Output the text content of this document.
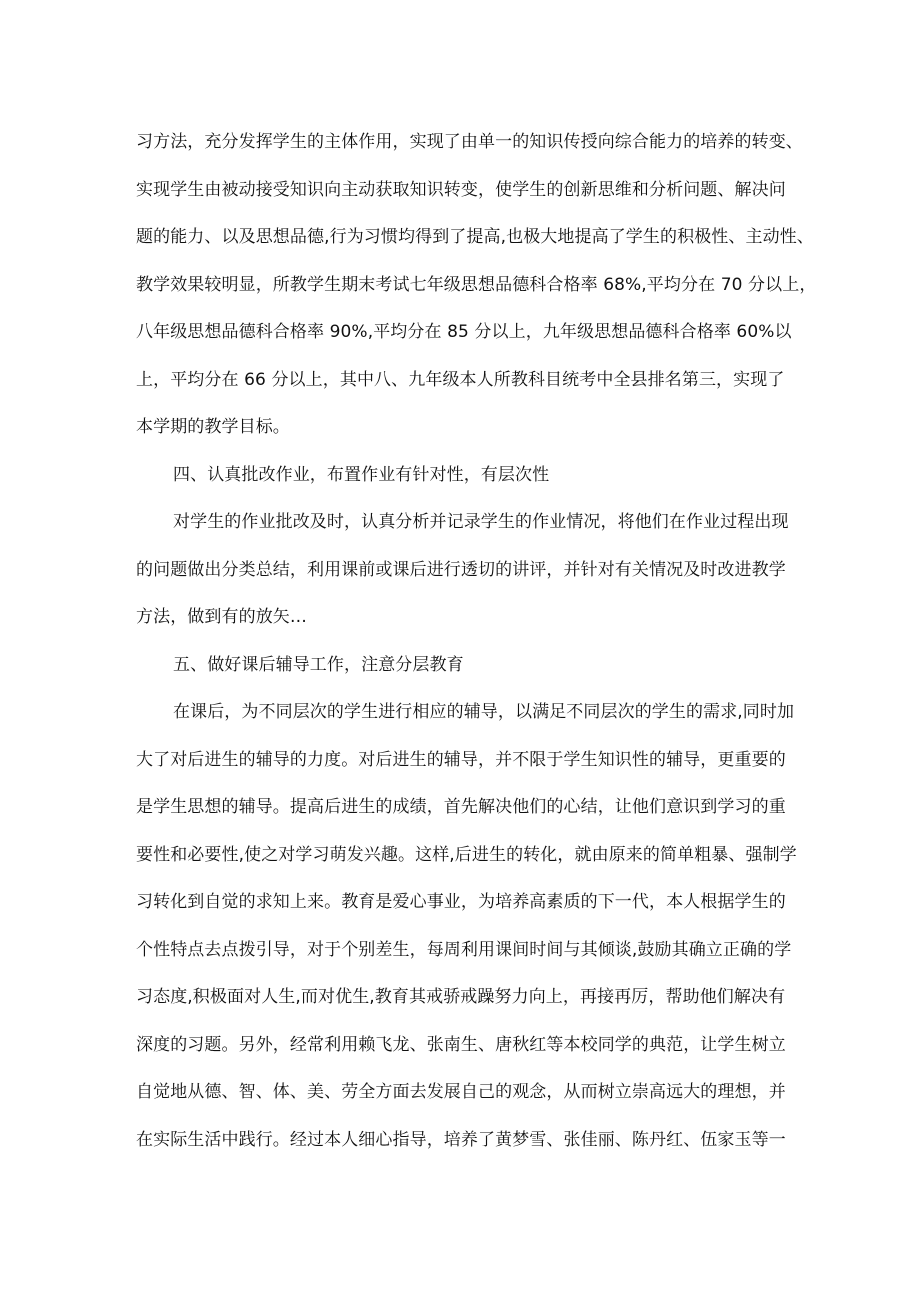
习方法，充分发挥学生的主体作用，实现了由单一的知识传授向综合能力的培养的转变、
实现学生由被动接受知识向主动获取知识转变，使学生的创新思维和分析问题、解决问
题的能力、以及思想品德,行为习惯均得到了提高,也极大地提高了学生的积极性、主动性、
教学效果较明显，所教学生期末考试七年级思想品德科合格率 68%,平均分在 70 分以上，
八年级思想品德科合格率 90%,平均分在 85 分以上，九年级思想品德科合格率 60%以
上，平均分在 66 分以上，其中八、九年级本人所教科目统考中全县排名第三，实现了
本学期的教学目标。
四、认真批改作业，布置作业有针对性，有层次性
对学生的作业批改及时，认真分析并记录学生的作业情况，将他们在作业过程出现
的问题做出分类总结，利用课前或课后进行透切的讲评，并针对有关情况及时改进教学
方法，做到有的放矢…
五、做好课后辅导工作，注意分层教育
在课后，为不同层次的学生进行相应的辅导，以满足不同层次的学生的需求,同时加
大了对后进生的辅导的力度。对后进生的辅导，并不限于学生知识性的辅导，更重要的
是学生思想的辅导。提高后进生的成绩，首先解决他们的心结，让他们意识到学习的重
要性和必要性,使之对学习萌发兴趣。这样,后进生的转化，就由原来的简单粗暴、强制学
习转化到自觉的求知上来。教育是爱心事业，为培养高素质的下一代，本人根据学生的
个性特点去点拨引导，对于个别差生，每周利用课间时间与其倾谈,鼓励其确立正确的学
习态度,积极面对人生,而对优生,教育其戒骄戒躁努力向上，再接再厉，帮助他们解决有
深度的习题。另外，经常利用赖飞龙、张南生、唐秋红等本校同学的典范，让学生树立
自觉地从德、智、体、美、劳全方面去发展自己的观念，从而树立崇高远大的理想，并
在实际生活中践行。经过本人细心指导，培养了黄梦雪、张佳丽、陈丹红、伍家玉等一
